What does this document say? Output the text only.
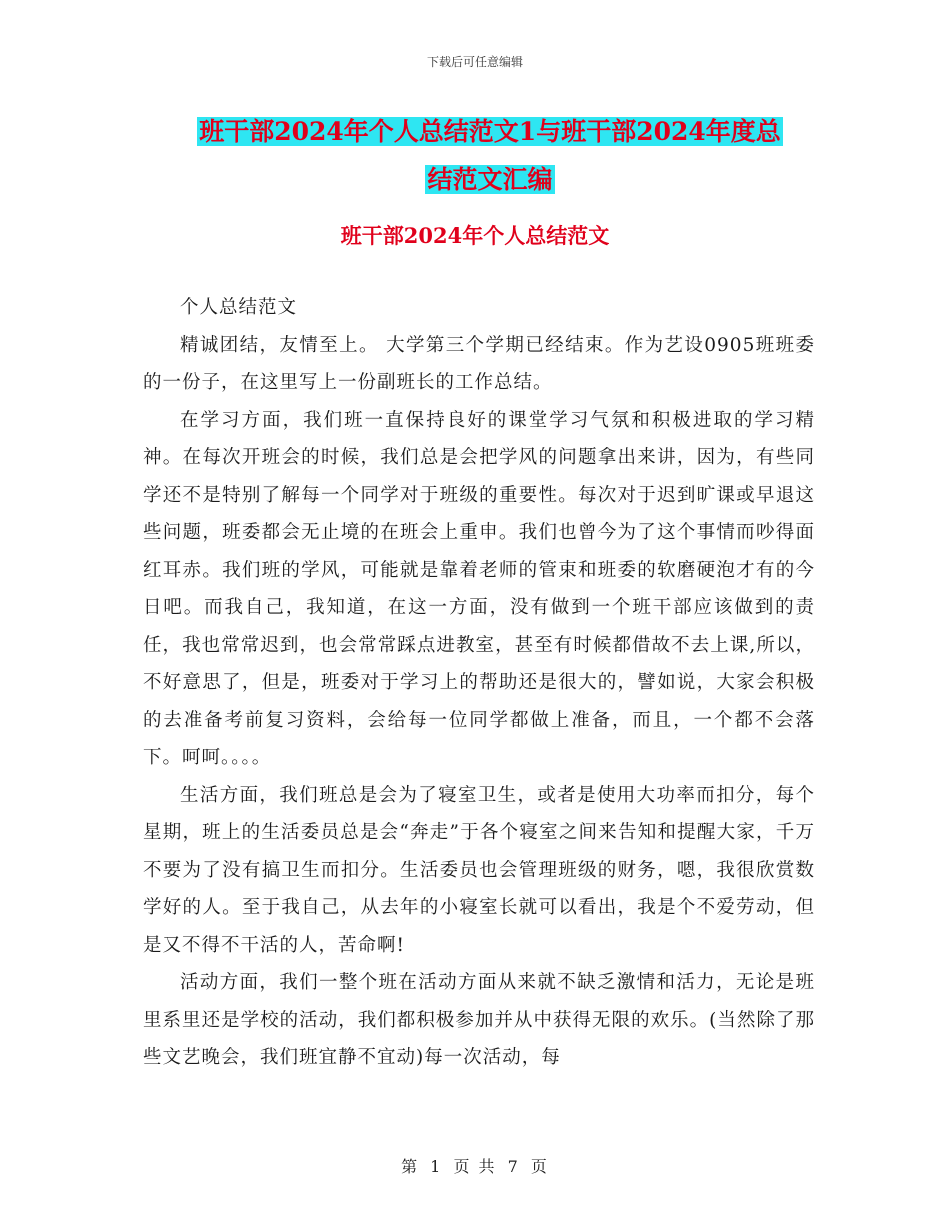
下载后可任意编辑
班干部2024年个人总结范文1与班干部2024年度总
结范文汇编
班干部2024年个人总结范文

个人总结范文

精诚团结，友情至上。 大学第三个学期已经结束。作为艺设0905班班委的一份子，在这里写上一份副班长的工作总结。

在学习方面，我们班一直保持良好的课堂学习气氛和积极进取的学习精神。在每次开班会的时候，我们总是会把学风的问题拿出来讲，因为，有些同学还不是特别了解每一个同学对于班级的重要性。每次对于迟到旷课或早退这些问题，班委都会无止境的在班会上重申。我们也曾今为了这个事情而吵得面红耳赤。我们班的学风，可能就是靠着老师的管束和班委的软磨硬泡才有的今日吧。而我自己，我知道，在这一方面，没有做到一个班干部应该做到的责任，我也常常迟到，也会常常踩点进教室，甚至有时候都借故不去上课,所以，不好意思了，但是，班委对于学习上的帮助还是很大的，譬如说，大家会积极的去准备考前复习资料，会给每一位同学都做上准备，而且，一个都不会落下。呵呵。。。。

生活方面，我们班总是会为了寝室卫生，或者是使用大功率而扣分，每个星期，班上的生活委员总是会“奔走”于各个寝室之间来告知和提醒大家，千万不要为了没有搞卫生而扣分。生活委员也会管理班级的财务，嗯，我很欣赏数学好的人。至于我自己，从去年的小寝室长就可以看出，我是个不爱劳动，但是又不得不干活的人，苦命啊!

活动方面，我们一整个班在活动方面从来就不缺乏激情和活力，无论是班里系里还是学校的活动，我们都积极参加并从中获得无限的欢乐。(当然除了那些文艺晚会，我们班宜静不宜动)每一次活动，每

第 1 页 共 7 页
